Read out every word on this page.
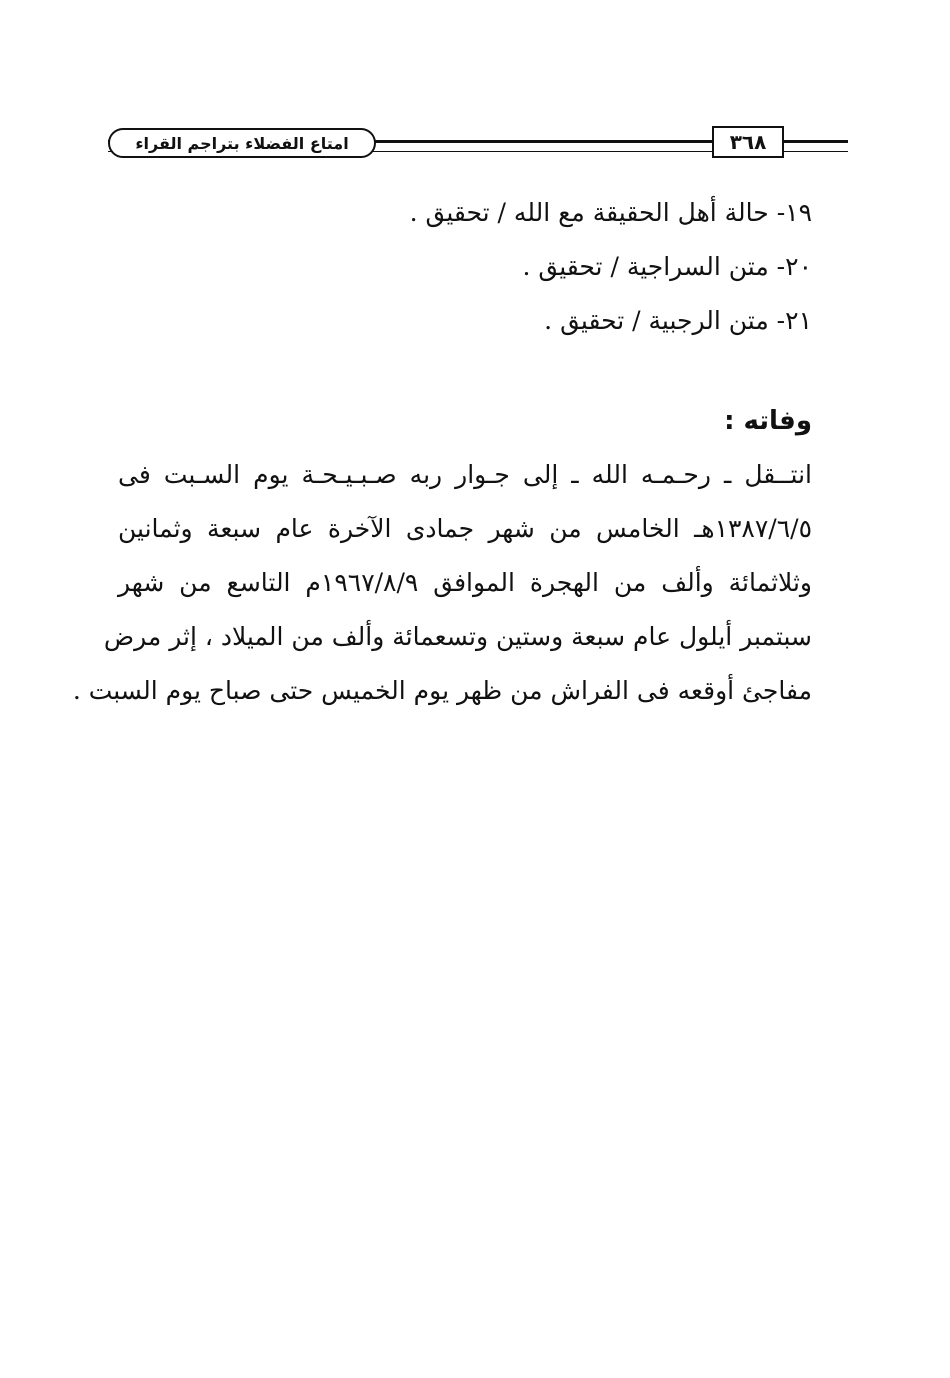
امتاع الفضلاء بتراجم القراء	٣٦٨
١٩- حالة أهل الحقيقة مع الله / تحقيق .
٢٠- متن السراجية / تحقيق .
٢١- متن الرجبية / تحقيق .
وفاته :
انتــقل ـ رحـمـه الله ـ إلى جـوار ربه صـبـيـحـة يوم السـبت فى
١٣٨٧/٦/٥هـ الخامس من شهر جمادى الآخرة عام سبعة وثمانين
وثلاثمائة وألف من الهجرة الموافق ١٩٦٧/٨/٩م التاسع من شهر
سبتمبر أيلول عام سبعة وستين وتسعمائة وألف من الميلاد ، إثر مرض
مفاجئ أوقعه فى الفراش من ظهر يوم الخميس حتى صباح يوم السبت .
